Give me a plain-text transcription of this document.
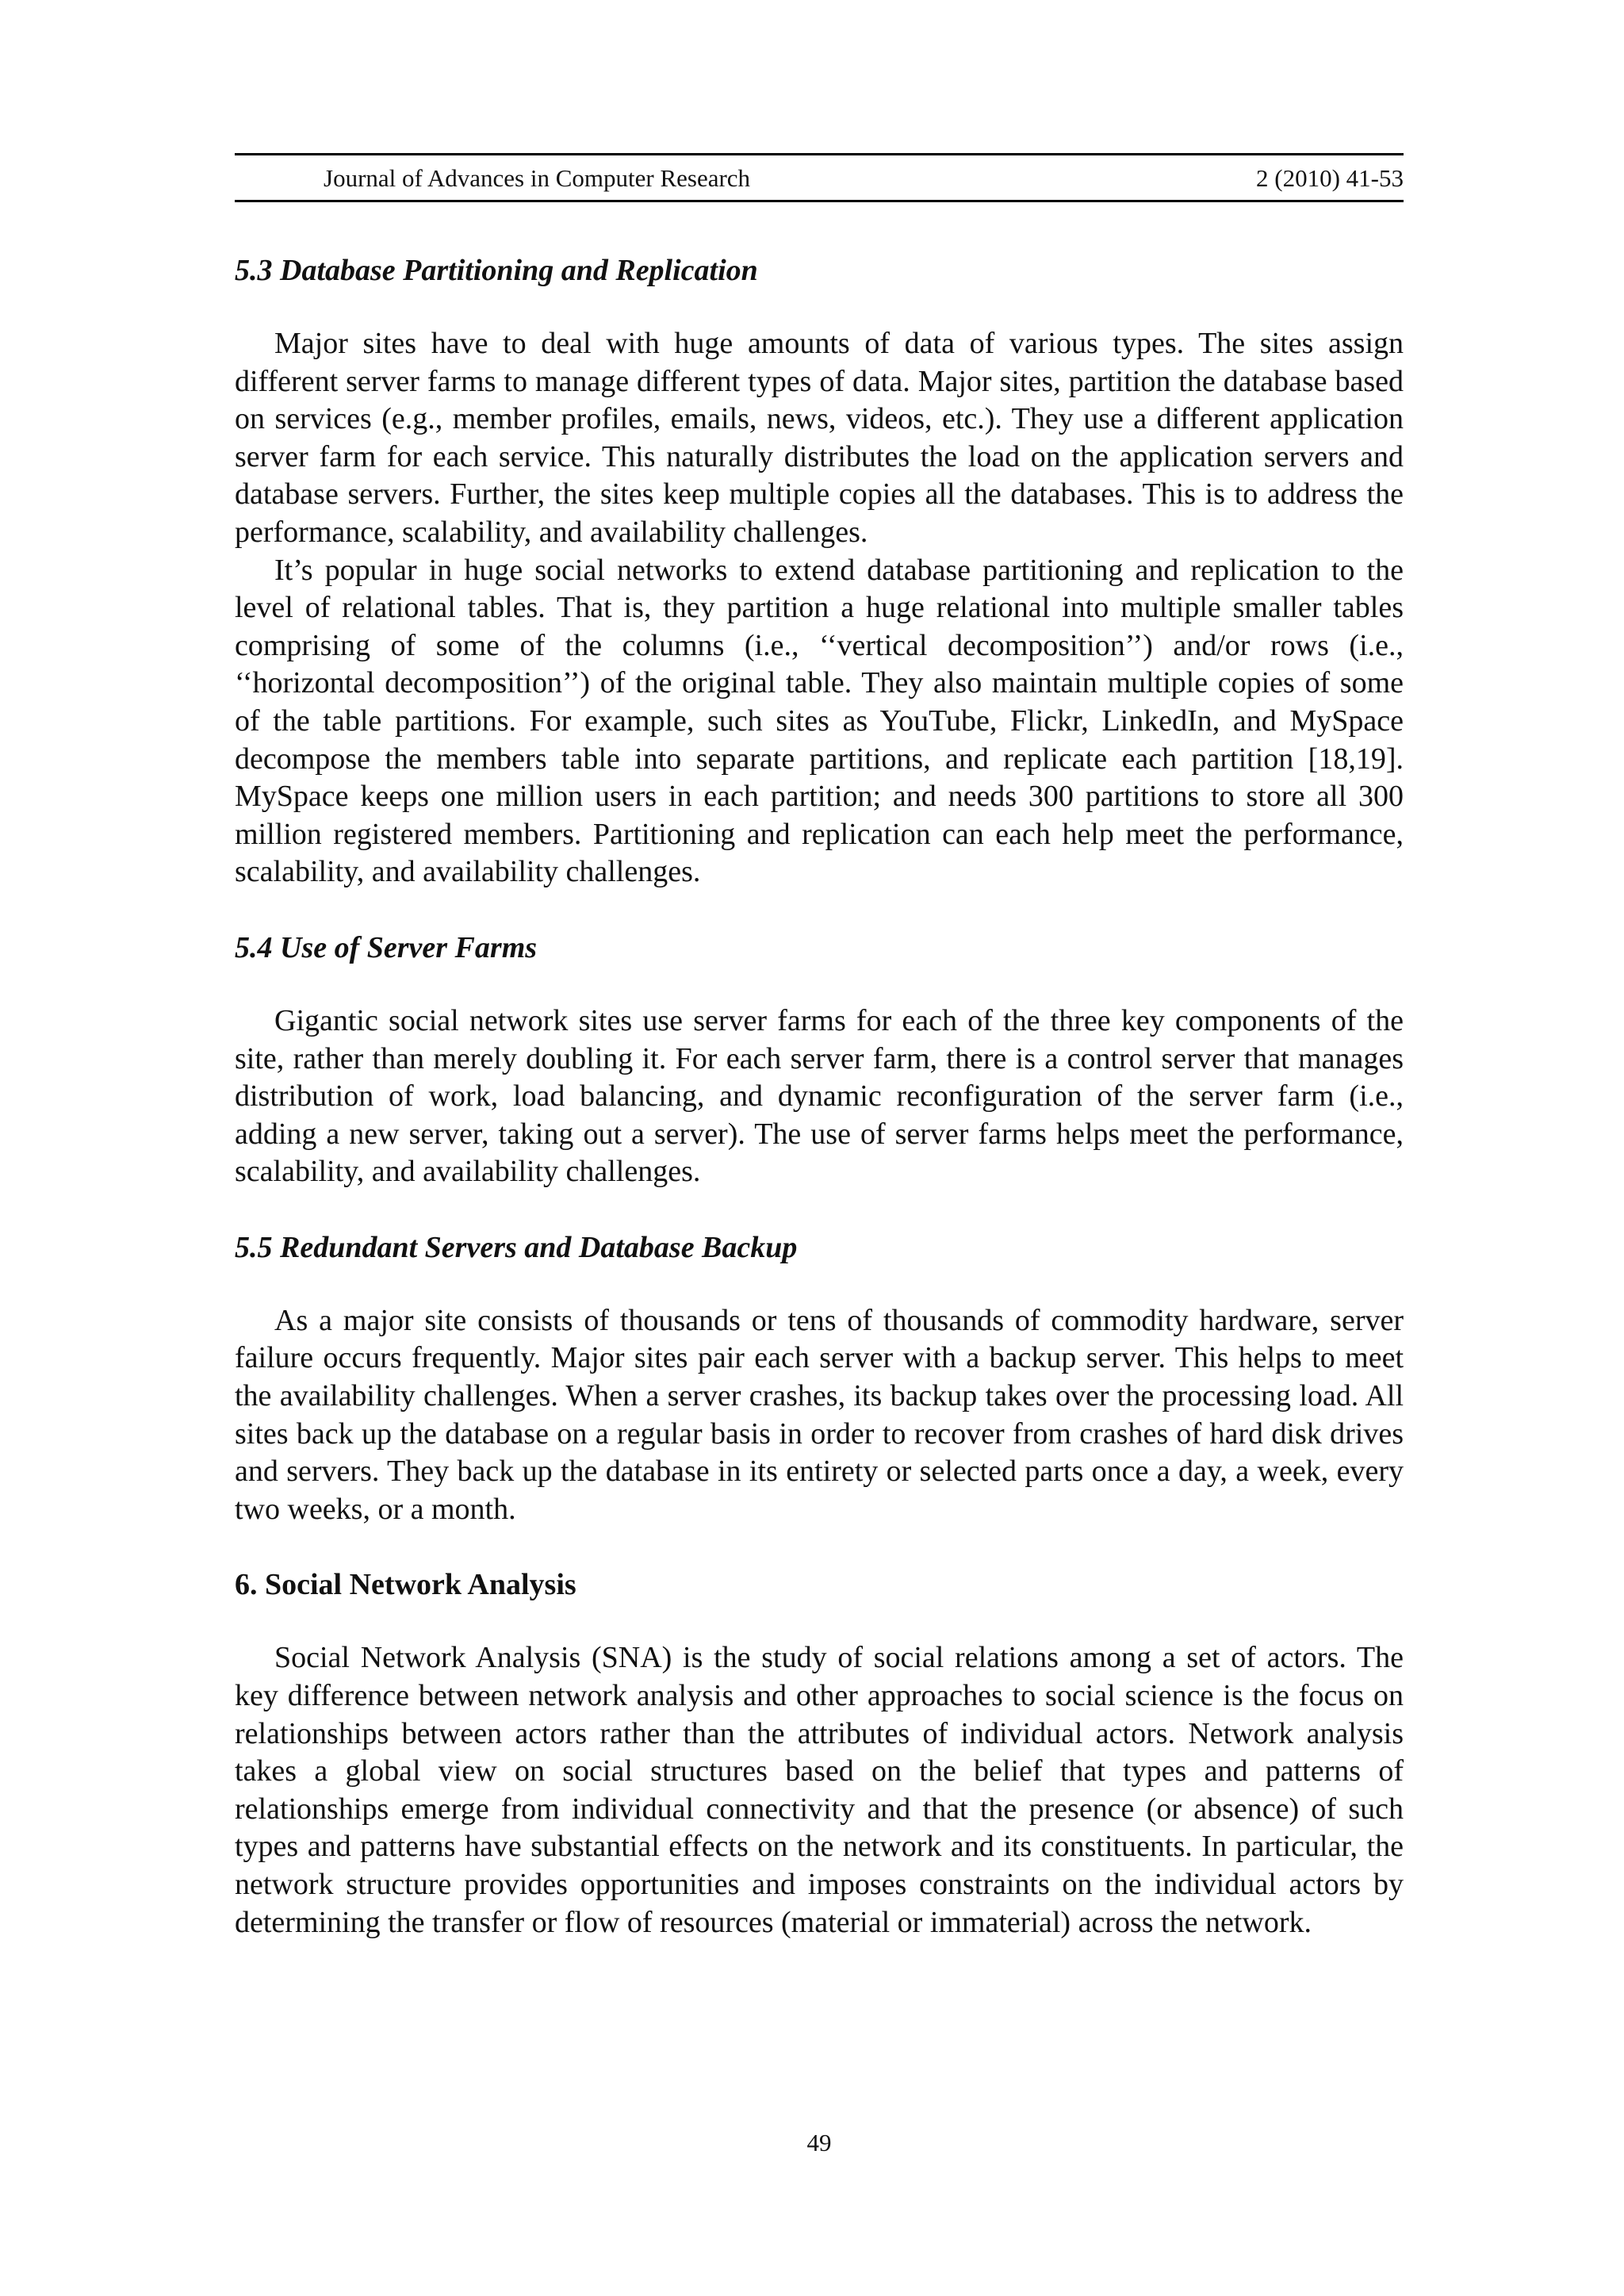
Journal of Advances in Computer Research	2 (2010) 41-53
5.3 Database Partitioning and Replication

Major sites have to deal with huge amounts of data of various types. The sites assign different server farms to manage different types of data. Major sites, partition the database based on services (e.g., member profiles, emails, news, videos, etc.). They use a different application server farm for each service. This naturally distributes the load on the application servers and database servers. Further, the sites keep multiple copies all the databases. This is to address the performance, scalability, and availability challenges.

It’s popular in huge social networks to extend database partitioning and replication to the level of relational tables. That is, they partition a huge relational into multiple smaller tables comprising of some of the columns (i.e., ‘‘vertical decomposition’’) and/or rows (i.e., ‘‘horizontal decomposition’’) of the original table. They also maintain multiple copies of some of the table partitions. For example, such sites as YouTube, Flickr, LinkedIn, and MySpace decompose the members table into separate partitions, and replicate each partition [18,19]. MySpace keeps one million users in each partition; and needs 300 partitions to store all 300 million registered members. Partitioning and replication can each help meet the performance, scalability, and availability challenges.

5.4 Use of Server Farms

Gigantic social network sites use server farms for each of the three key components of the site, rather than merely doubling it. For each server farm, there is a control server that manages distribution of work, load balancing, and dynamic reconfiguration of the server farm (i.e., adding a new server, taking out a server). The use of server farms helps meet the performance, scalability, and availability challenges.

5.5 Redundant Servers and Database Backup

As a major site consists of thousands or tens of thousands of commodity hardware, server failure occurs frequently. Major sites pair each server with a backup server. This helps to meet the availability challenges. When a server crashes, its backup takes over the processing load. All sites back up the database on a regular basis in order to recover from crashes of hard disk drives and servers. They back up the database in its entirety or selected parts once a day, a week, every two weeks, or a month.

6. Social Network Analysis

Social Network Analysis (SNA) is the study of social relations among a set of actors. The key difference between network analysis and other approaches to social science is the focus on relationships between actors rather than the attributes of individual actors. Network analysis takes a global view on social structures based on the belief that types and patterns of relationships emerge from individual connectivity and that the presence (or absence) of such types and patterns have substantial effects on the network and its constituents. In particular, the network structure provides opportunities and imposes constraints on the individual actors by determining the transfer or flow of resources (material or immaterial) across the network.

49
